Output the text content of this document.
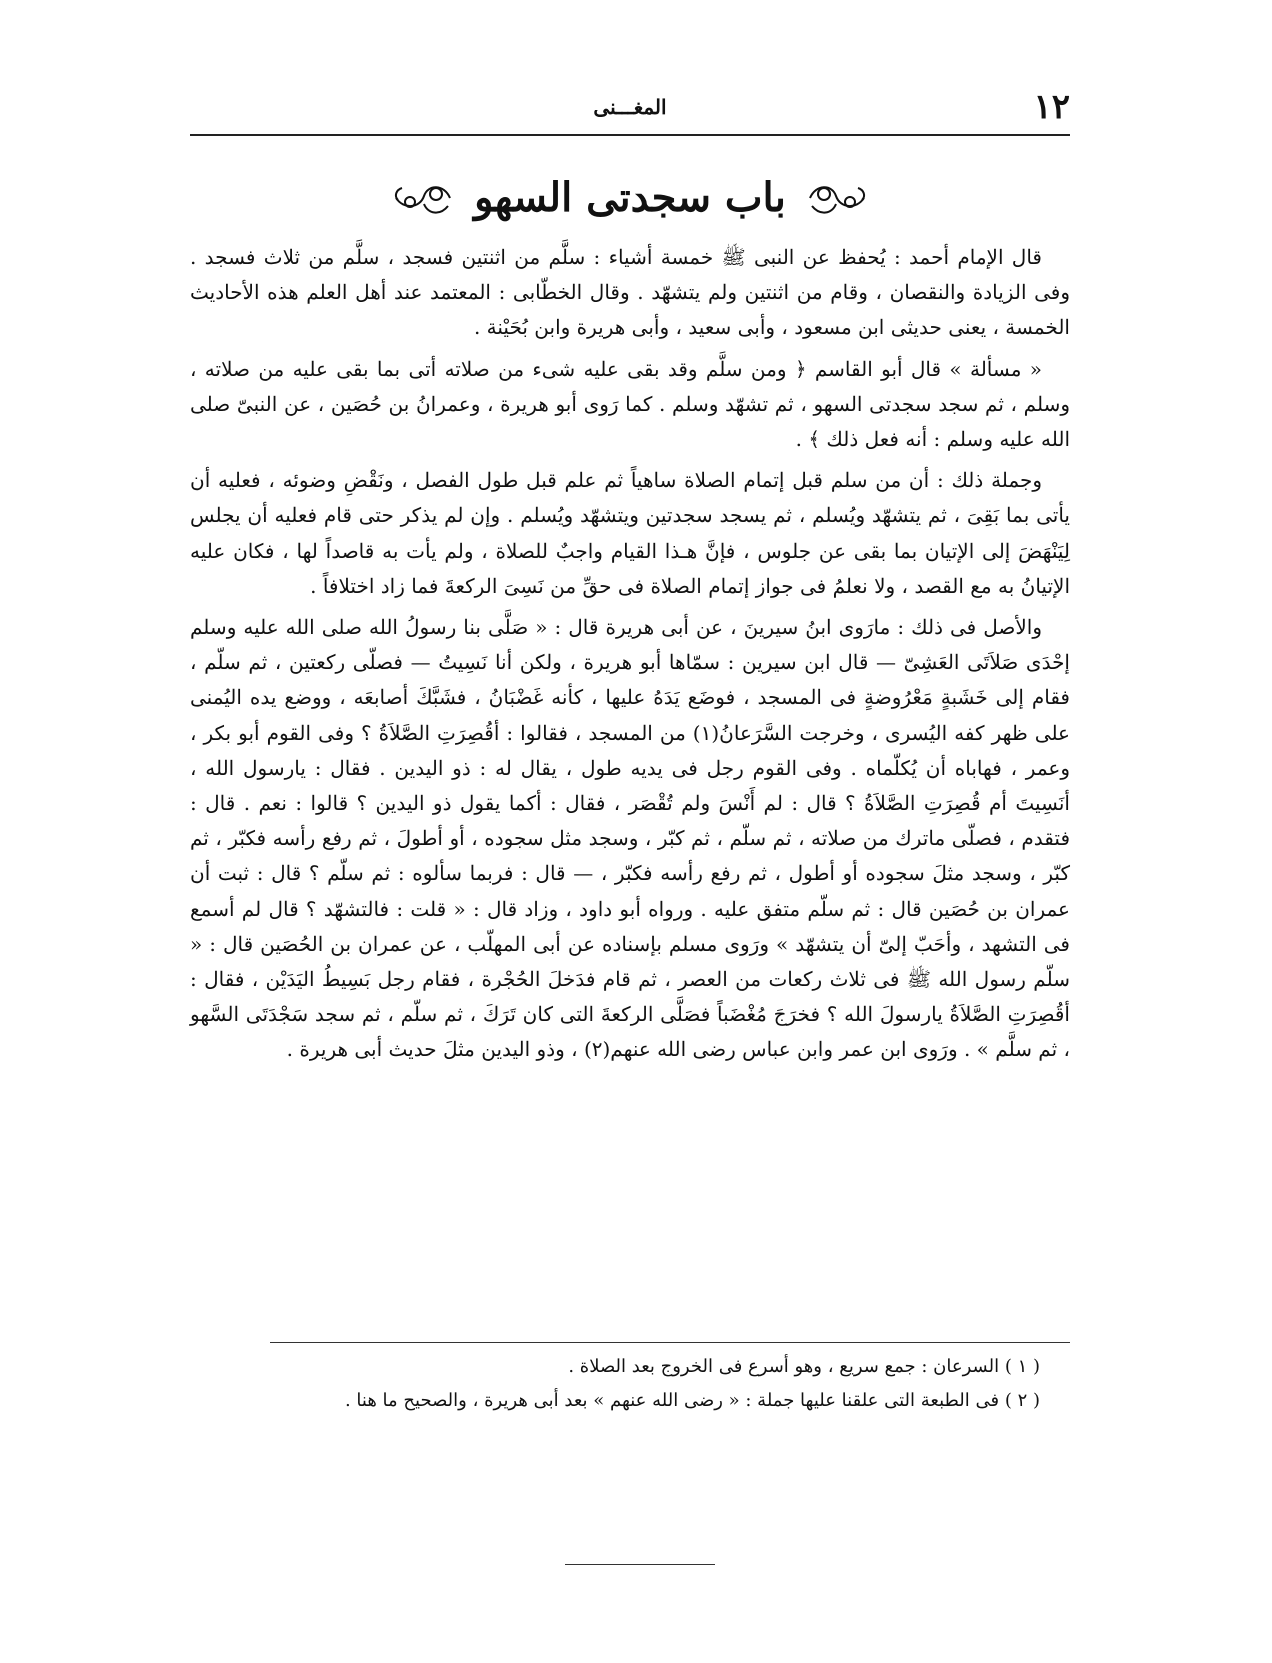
١٢
المغـــنى
باب سجدتى السهو

قال الإمام أحمد : يُحفظ عن النبى ﷺ خمسة أشياء : سلَّم من اثنتين فسجد ، سلَّم من ثلاث فسجد . وفى الزيادة والنقصان ، وقام من اثنتين ولم يتشهّد . وقال الخطّابى : المعتمد عند أهل العلم هذه الأحاديث الخمسة ، يعنى حديثى ابن مسعود ، وأبى سعيد ، وأبى هريرة وابن بُحَيْنة .

« مسألة » قال أبو القاسم ﴿ ومن سلَّم وقد بقى عليه شىء من صلاته أتى بما بقى عليه من صلاته ، وسلم ، ثم سجد سجدتى السهو ، ثم تشهّد وسلم . كما رَوى أبو هريرة ، وعمرانُ بن حُصَين ، عن النبىّ صلى الله عليه وسلم : أنه فعل ذلك ﴾ .

وجملة ذلك : أن من سلم قبل إتمام الصلاة ساهياً ثم علم قبل طول الفصل ، ونَقْضِ وضوئه ، فعليه أن يأتى بما بَقِىَ ، ثم يتشهّد ويُسلم ، ثم يسجد سجدتين ويتشهّد ويُسلم . وإن لم يذكر حتى قام فعليه أن يجلس لِيَنْهَضَ إلى الإتيان بما بقى عن جلوس ، فإنَّ هـذا القيام واجبٌ للصلاة ، ولم يأت به قاصداً لها ، فكان عليه الإتيانُ به مع القصد ، ولا نعلمُ فى جواز إتمام الصلاة فى حقِّ من نَسِىَ الركعةَ فما زاد اختلافاً .

والأصل فى ذلك : مارَوى ابنُ سيرينَ ، عن أبى هريرة قال : « صَلَّى بنا رسولُ الله صلى الله عليه وسلم إحْدَى صَلاَتَى العَشِىّ — قال ابن سيرين : سمّاها أبو هريرة ، ولكن أنا نَسِيتُ — فصلّى ركعتين ، ثم سلّم ، فقام إلى خَشَبةٍ مَعْرُوضةٍ فى المسجد ، فوضَع يَدَهُ عليها ، كأنه غَضْبَانُ ، فشَبَّكَ أصابعَه ، ووضع يده اليُمنى على ظهر كفه اليُسرى ، وخرجت السَّرَعانُ(١) من المسجد ، فقالوا : أقُصِرَتِ الصَّلاَةُ ؟ وفى القوم أبو بكر ، وعمر ، فهاباه أن يُكلّماه . وفى القوم رجل فى يديه طول ، يقال له : ذو اليدين . فقال : يارسول الله ، أنَسِيتَ أم قُصِرَتِ الصَّلاَةُ ؟ قال : لم أَنْسَ ولم تُقْصَر ، فقال : أكما يقول ذو اليدين ؟ قالوا : نعم . قال : فتقدم ، فصلّى ماترك من صلاته ، ثم سلّم ، ثم كبّر ، وسجد مثل سجوده ، أو أطولَ ، ثم رفع رأسه فكبّر ، ثم كبّر ، وسجد مثلَ سجوده أو أطول ، ثم رفع رأسه فكبّر ، — قال : فربما سألوه : ثم سلّم ؟ قال : ثبت أن عمران بن حُصَين قال : ثم سلّم متفق عليه . ورواه أبو داود ، وزاد قال : « قلت : فالتشهّد ؟ قال لم أسمع فى التشهد ، وأحَبّ إلىّ أن يتشهّد » ورَوى مسلم بإسناده عن أبى المهلّب ، عن عمران بن الحُصَين قال : « سلّم رسول الله ﷺ فى ثلاث ركعات من العصر ، ثم قام فدَخلَ الحُجْرة ، فقام رجل بَسِيطُ اليَدَيْن ، فقال : أقُصِرَتِ الصَّلاَةُ يارسولَ الله ؟ فخرَجَ مُغْضَباً فصَلَّى الركعةَ التى كان تَرَكَ ، ثم سلّم ، ثم سجد سَجْدَتَى السَّهو ، ثم سلَّم » . ورَوى ابن عمر وابن عباس رضى الله عنهم(٢) ، وذو اليدين مثلَ حديث أبى هريرة .

( ١ ) السرعان : جمع سريع ، وهو أسرع فى الخروج بعد الصلاة .
( ٢ ) فى الطبعة التى علقنا عليها جملة : « رضى الله عنهم » بعد أبى هريرة ، والصحيح ما هنا .
